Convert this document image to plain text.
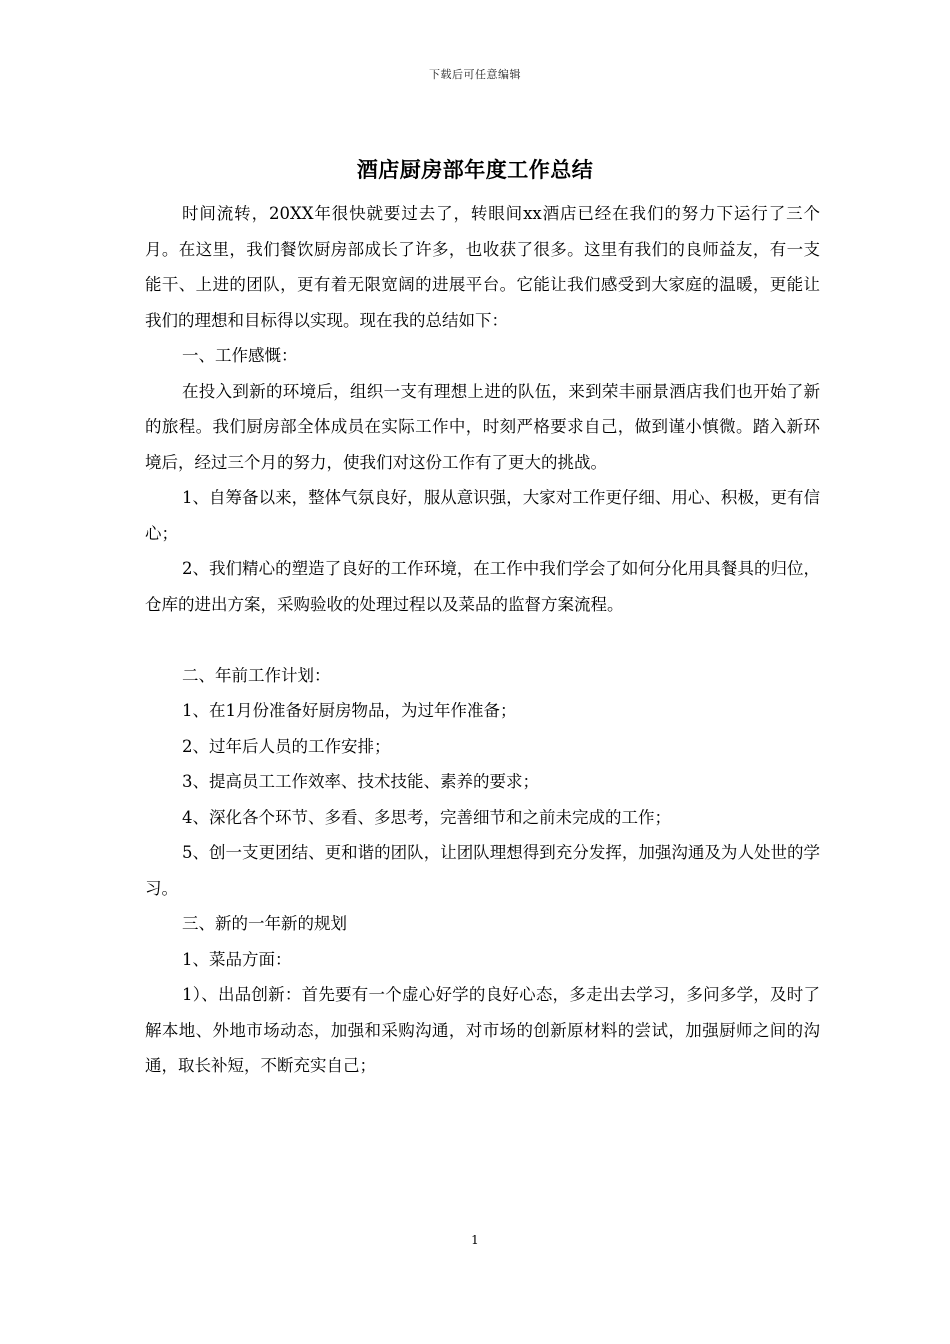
下载后可任意编辑
酒店厨房部年度工作总结

时间流转，20XX年很快就要过去了，转眼间xx酒店已经在我们的努力下运行了三个月。在这里，我们餐饮厨房部成长了许多，也收获了很多。这里有我们的良师益友，有一支能干、上进的团队，更有着无限宽阔的进展平台。它能让我们感受到大家庭的温暖，更能让我们的理想和目标得以实现。现在我的总结如下：

一、工作感慨：

在投入到新的环境后，组织一支有理想上进的队伍，来到荣丰丽景酒店我们也开始了新的旅程。我们厨房部全体成员在实际工作中，时刻严格要求自己，做到谨小慎微。踏入新环境后，经过三个月的努力，使我们对这份工作有了更大的挑战。

1、自筹备以来，整体气氛良好，服从意识强，大家对工作更仔细、用心、积极，更有信心；

2、我们精心的塑造了良好的工作环境，在工作中我们学会了如何分化用具餐具的归位，仓库的进出方案，采购验收的处理过程以及菜品的监督方案流程。

二、年前工作计划：

1、在1月份准备好厨房物品，为过年作准备；

2、过年后人员的工作安排；

3、提高员工工作效率、技术技能、素养的要求；

4、深化各个环节、多看、多思考，完善细节和之前未完成的工作；

5、创一支更团结、更和谐的团队，让团队理想得到充分发挥，加强沟通及为人处世的学习。

三、新的一年新的规划

1、菜品方面：

1）、出品创新：首先要有一个虚心好学的良好心态，多走出去学习，多问多学，及时了解本地、外地市场动态，加强和采购沟通，对市场的创新原材料的尝试，加强厨师之间的沟通，取长补短，不断充实自己；

1
